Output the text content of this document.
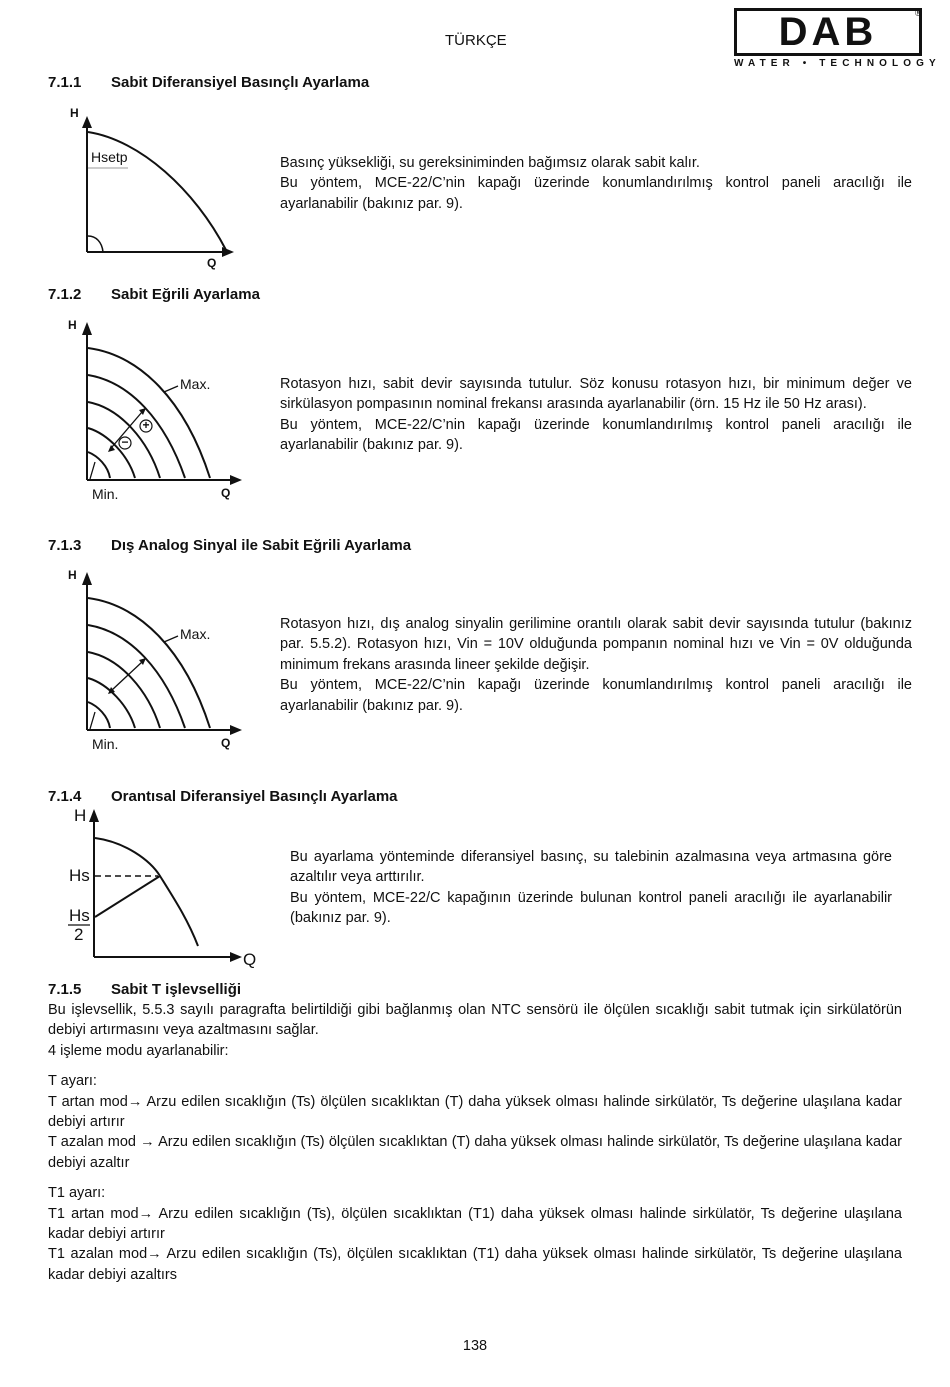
TÜRKÇE	DAB	®
WATER • TECHNOLOGY
7.1.1 Sabit Diferansiyel Basınçlı Ayarlama
H
Q
Hsetp	Basınç yüksekliği, su gereksiniminden bağımsız olarak sabit kalır.

Bu yöntem, MCE-22/C’nin kapağı üzerinde konumlandırılmış kontrol paneli aracılığı ile ayarlanabilir (bakınız par. 9).

7.1.2 Sabit Eğrili Ayarlama
H
Q
Max.
Min.
+
−

Rotasyon hızı, sabit devir sayısında tutulur. Söz konusu rotasyon hızı, bir minimum değer ve sirkülasyon pompasının nominal frekansı arasında ayarlanabilir (örn. 15 Hz ile 50 Hz arası).

Bu yöntem, MCE-22/C’nin kapağı üzerinde konumlandırılmış kontrol paneli aracılığı ile ayarlanabilir (bakınız par. 9).

7.1.3 Dış Analog Sinyal ile Sabit Eğrili Ayarlama
H
Q
Max.
Min.

Rotasyon hızı, dış analog sinyalin gerilimine orantılı olarak sabit devir sayısında tutulur (bakınız par. 5.5.2). Rotasyon hızı, Vin = 10V olduğunda pompanın nominal hızı ve Vin = 0V olduğunda minimum frekans arasında lineer şekilde değişir.

Bu yöntem, MCE-22/C’nin kapağı üzerinde konumlandırılmış kontrol paneli aracılığı ile ayarlanabilir (bakınız par. 9).

7.1.4 Orantısal Diferansiyel Basınçlı Ayarlama
H
Q
Hs
Hs
2

Bu ayarlama yönteminde diferansiyel basınç, su talebinin azalmasına veya artmasına göre azaltılır veya arttırılır.

Bu yöntem, MCE-22/C kapağının üzerinde bulunan kontrol paneli aracılığı ile ayarlanabilir (bakınız par. 9).

7.1.5 Sabit T işlevselliği

Bu işlevsellik, 5.5.3 sayılı paragrafta belirtildiği gibi bağlanmış olan NTC sensörü ile ölçülen sıcaklığı sabit tutmak için sirkülatörün debiyi artırmasını veya azaltmasını sağlar.

4 işleme modu ayarlanabilir:

T ayarı:

T artan mod→ Arzu edilen sıcaklığın (Ts) ölçülen sıcaklıktan (T) daha yüksek olması halinde sirkülatör, Ts değerine ulaşılana kadar debiyi artırır

T azalan mod → Arzu edilen sıcaklığın (Ts) ölçülen sıcaklıktan (T) daha yüksek olması halinde sirkülatör, Ts değerine ulaşılana kadar debiyi azaltır

T1 ayarı:

T1 artan mod→ Arzu edilen sıcaklığın (Ts), ölçülen sıcaklıktan (T1) daha yüksek olması halinde sirkülatör, Ts değerine ulaşılana kadar debiyi artırır

T1 azalan mod→ Arzu edilen sıcaklığın (Ts), ölçülen sıcaklıktan (T1) daha yüksek olması halinde sirkülatör, Ts değerine ulaşılana kadar debiyi azaltırs

138
